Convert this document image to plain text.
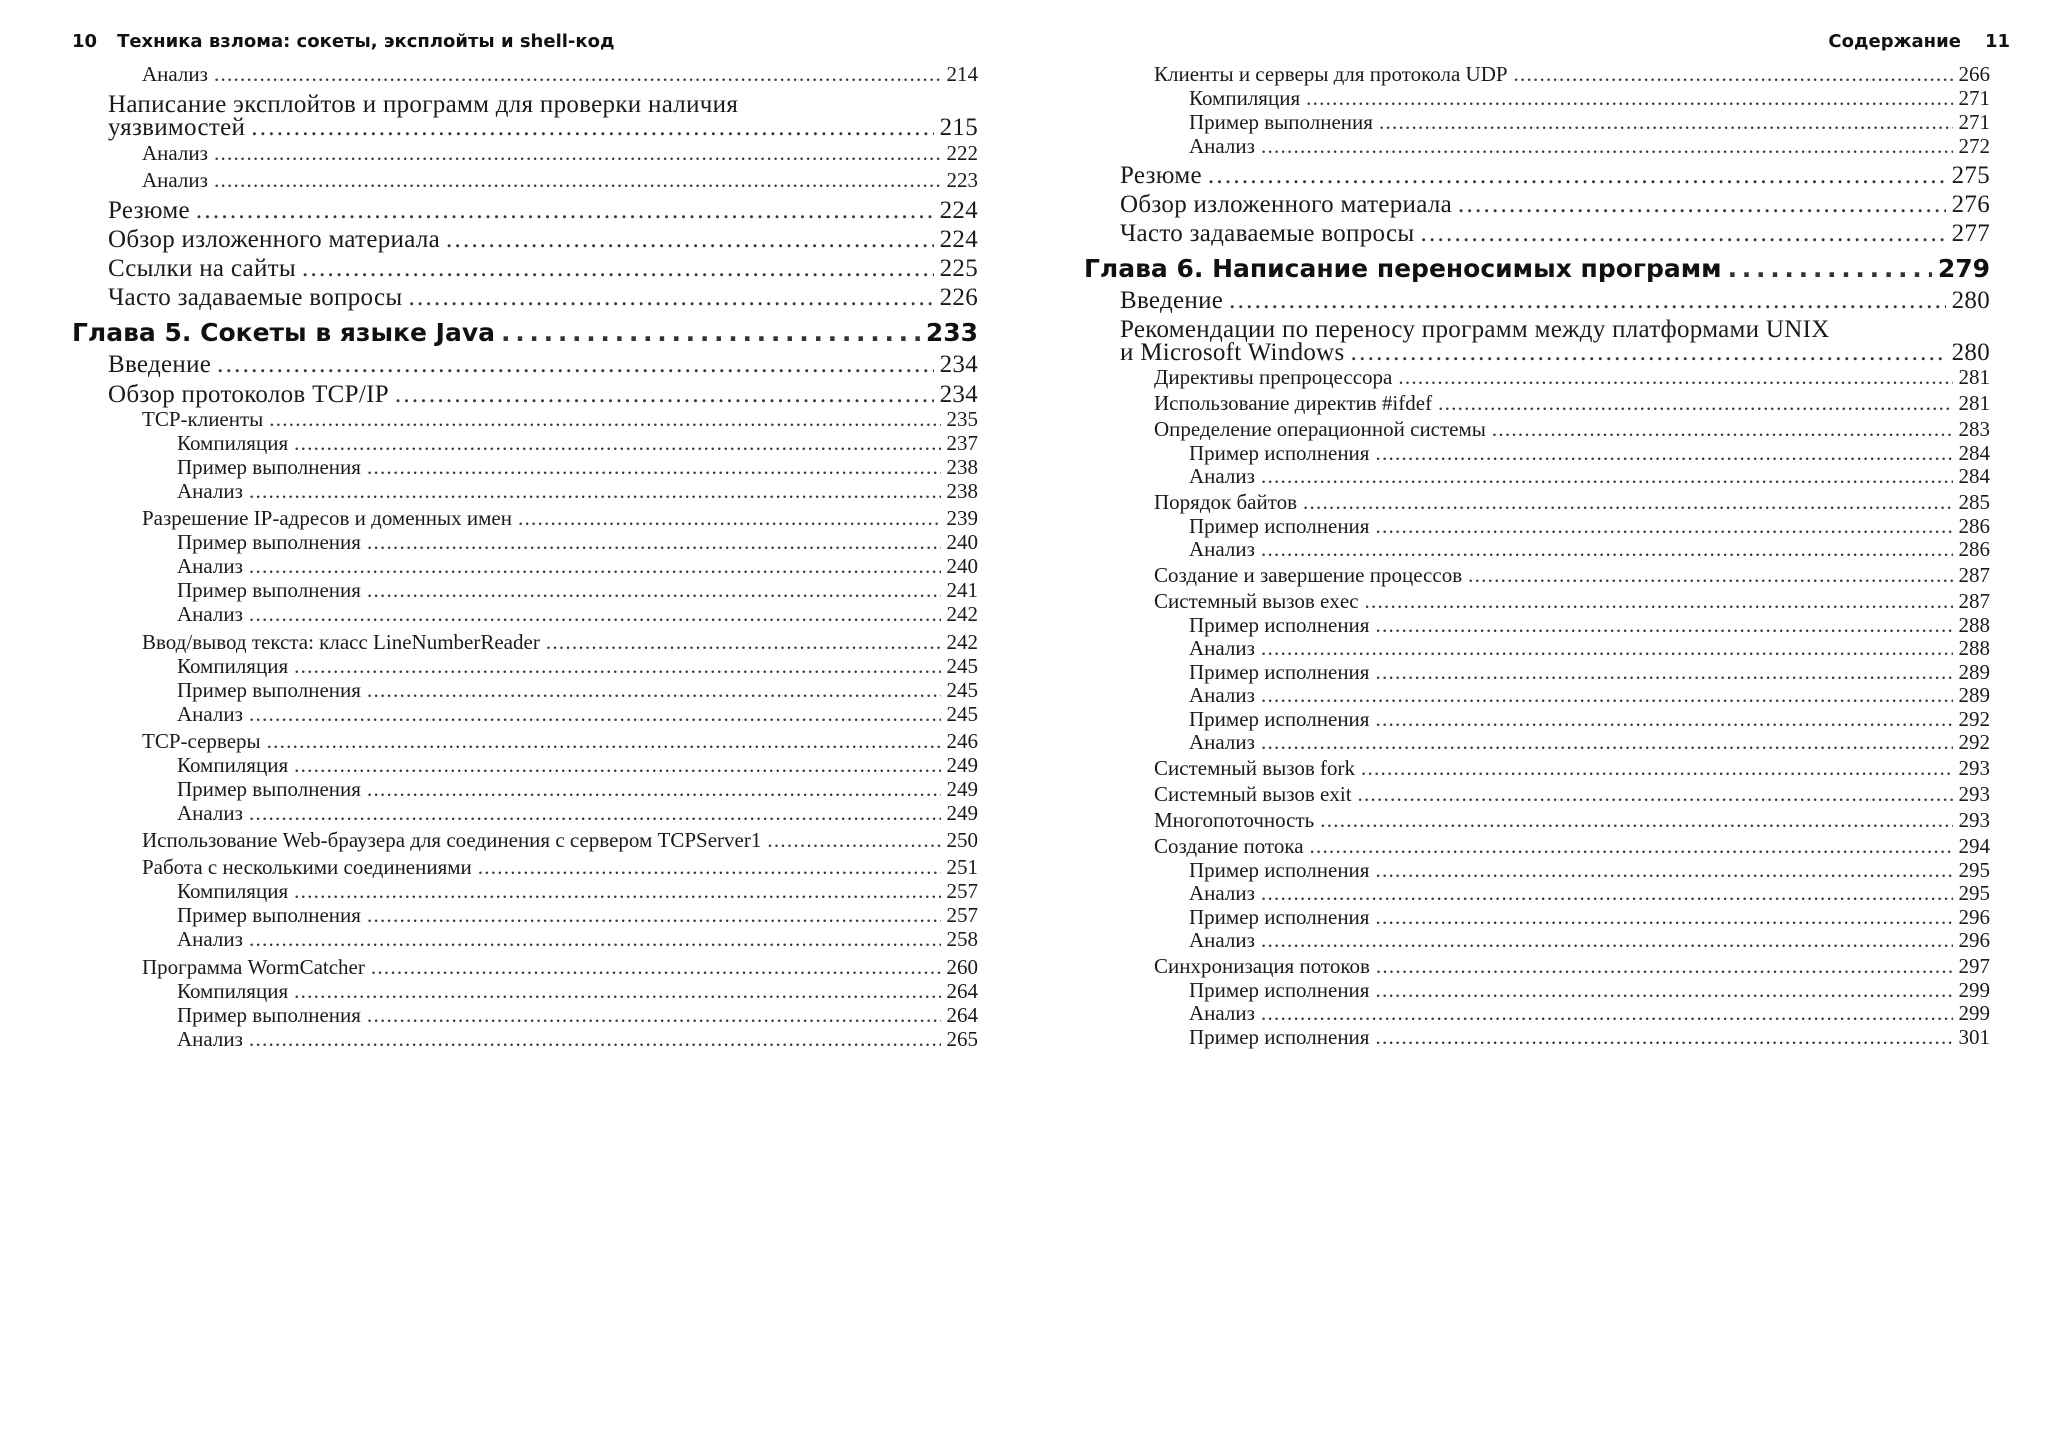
10 Техника взлома: сокеты, эксплойты и shell-код
Анализ . . .	214
Написание эксплойтов и программ для проверки наличия
уязвимостей . . .	215
Анализ . . .	222
Анализ . . .	223
Резюме . . .	224
Обзор изложенного материала . . .	224
Ссылки на сайты . . .	225
Часто задаваемые вопросы . . .	226
Глава 5. Сокеты в языке Java . . .	233
Введение . . .	234
Обзор протоколов TCP/IP . . .	234
TCP-клиенты . . .	235
Компиляция . . .	237
Пример выполнения . . .	238
Анализ . . .	238
Разрешение IP-адресов и доменных имен . . .	239
Пример выполнения . . .	240
Анализ . . .	240
Пример выполнения . . .	241
Анализ . . .	242
Ввод/вывод текста: класс LineNumberReader . . .	242
Компиляция . . .	245
Пример выполнения . . .	245
Анализ . . .	245
TCP-серверы . . .	246
Компиляция . . .	249
Пример выполнения . . .	249
Анализ . . .	249
Использование Web-браузера для соединения с сервером TCPServer1 . . .	250
Работа с несколькими соединениями . . .	251
Компиляция . . .	257
Пример выполнения . . .	257
Анализ . . .	258
Программа WormCatcher . . .	260
Компиляция . . .	264
Пример выполнения . . .	264
Анализ . . .	265
Содержание 11
Клиенты и серверы для протокола UDP . . .	266
Компиляция . . .	271
Пример выполнения . . .	271
Анализ . . .	272
Резюме . . .	275
Обзор изложенного материала . . .	276
Часто задаваемые вопросы . . .	277
Глава 6. Написание переносимых программ . . .	279
Введение . . .	280
Рекомендации по переносу программ между платформами UNIX
и Microsoft Windows . . .	280
Директивы препроцессора . . .	281
Использование директив #ifdef . . .	281
Определение операционной системы . . .	283
Пример исполнения . . .	284
Анализ . . .	284
Порядок байтов . . .	285
Пример исполнения . . .	286
Анализ . . .	286
Создание и завершение процессов . . .	287
Системный вызов exec . . .	287
Пример исполнения . . .	288
Анализ . . .	288
Пример исполнения . . .	289
Анализ . . .	289
Пример исполнения . . .	292
Анализ . . .	292
Системный вызов fork . . .	293
Системный вызов exit . . .	293
Многопоточность . . .	293
Создание потока . . .	294
Пример исполнения . . .	295
Анализ . . .	295
Пример исполнения . . .	296
Анализ . . .	296
Синхронизация потоков . . .	297
Пример исполнения . . .	299
Анализ . . .	299
Пример исполнения . . .	301
